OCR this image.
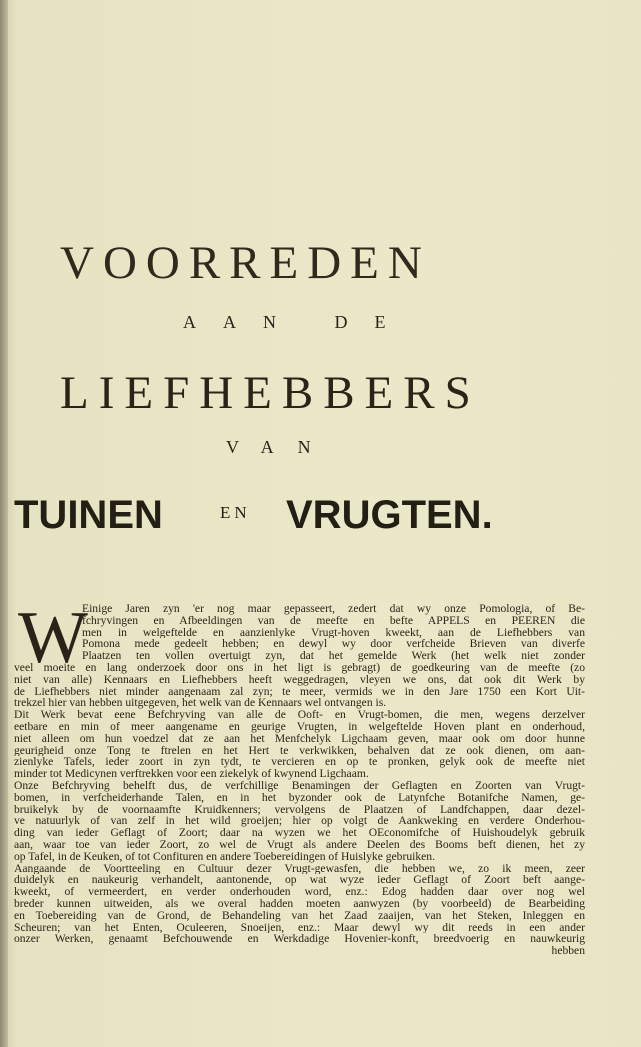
VOORREDEN
AAN DE
LIEFHEBBERS
VAN
TUINEN	EN VRUGTEN.
W
Einige Jaren zyn 'er nog maar gepasseert, zedert dat wy onze Pomologia, of Be-
fchryvingen en Afbeeldingen van de meefte en befte APPELS en PEEREN die
men in welgeftelde en aanzienlyke Vrugt-hoven kweekt, aan de Liefhebbers van
Pomona mede gedeelt hebben; en dewyl wy door verfcheide Brieven van diverfe
Plaatzen ten vollen overtuigt zyn, dat het gemelde Werk (het welk niet zonder
veel moeite en lang onderzoek door ons in het ligt is gebragt) de goedkeuring van de meefte (zo
niet van alle) Kennaars en Liefhebbers heeft weggedragen, vleyen we ons, dat ook dit Werk by
de Liefhebbers niet minder aangenaam zal zyn; te meer, vermids we in den Jare 1750 een Kort Uit-
trekzel hier van hebben uitgegeven, het welk van de Kennaars wel ontvangen is.
Dit Werk bevat eene Befchryving van alle de Ooft- en Vrugt-bomen, die men, wegens derzelver
eetbare en min of meer aangename en geurige Vrugten, in welgeftelde Hoven plant en onderhoud,
niet alleen om hun voedzel dat ze aan het Menfchelyk Ligchaam geven, maar ook om door hunne
geurigheid onze Tong te ftrelen en het Hert te verkwikken, behalven dat ze ook dienen, om aan-
zienlyke Tafels, ieder zoort in zyn tydt, te vercieren en op te pronken, gelyk ook de meefte niet
minder tot Medicynen verftrekken voor een ziekelyk of kwynend Ligchaam.
Onze Befchryving behelft dus, de verfchillige Benamingen der Geflagten en Zoorten van Vrugt-
bomen, in verfcheiderhande Talen, en in het byzonder ook de Latynfche Botanifche Namen, ge-
bruikelyk by de voornaamfte Kruidkenners; vervolgens de Plaatzen of Landfchappen, daar dezel-
ve natuurlyk of van zelf in het wild groeijen; hier op volgt de Aankweking en verdere Onderhou-
ding van ieder Geflagt of Zoort; daar na wyzen we het OEconomifche of Huishoudelyk gebruik
aan, waar toe van ieder Zoort, zo wel de Vrugt als andere Deelen des Booms beft dienen, het zy
op Tafel, in de Keuken, of tot Confituren en andere Toebereidingen of Huislyke gebruiken.
Aangaande de Voortteeling en Cultuur dezer Vrugt-gewasfen, die hebben we, zo ik meen, zeer
duidelyk en naukeurig verhandelt, aantonende, op wat wyze ieder Geflagt of Zoort beft aange-
kweekt, of vermeerdert, en verder onderhouden word, enz.: Edog hadden daar over nog wel
breder kunnen uitweiden, als we overal hadden moeten aanwyzen (by voorbeeld) de Bearbeiding
en Toebereiding van de Grond, de Behandeling van het Zaad zaaijen, van het Steken, Inleggen en
Scheuren; van het Enten, Oculeeren, Snoeijen, enz.: Maar dewyl wy dit reeds in een ander
onzer Werken, genaamt Befchouwende en Werkdadige Hovenier-konft, breedvoerig en nauwkeurig
hebben
